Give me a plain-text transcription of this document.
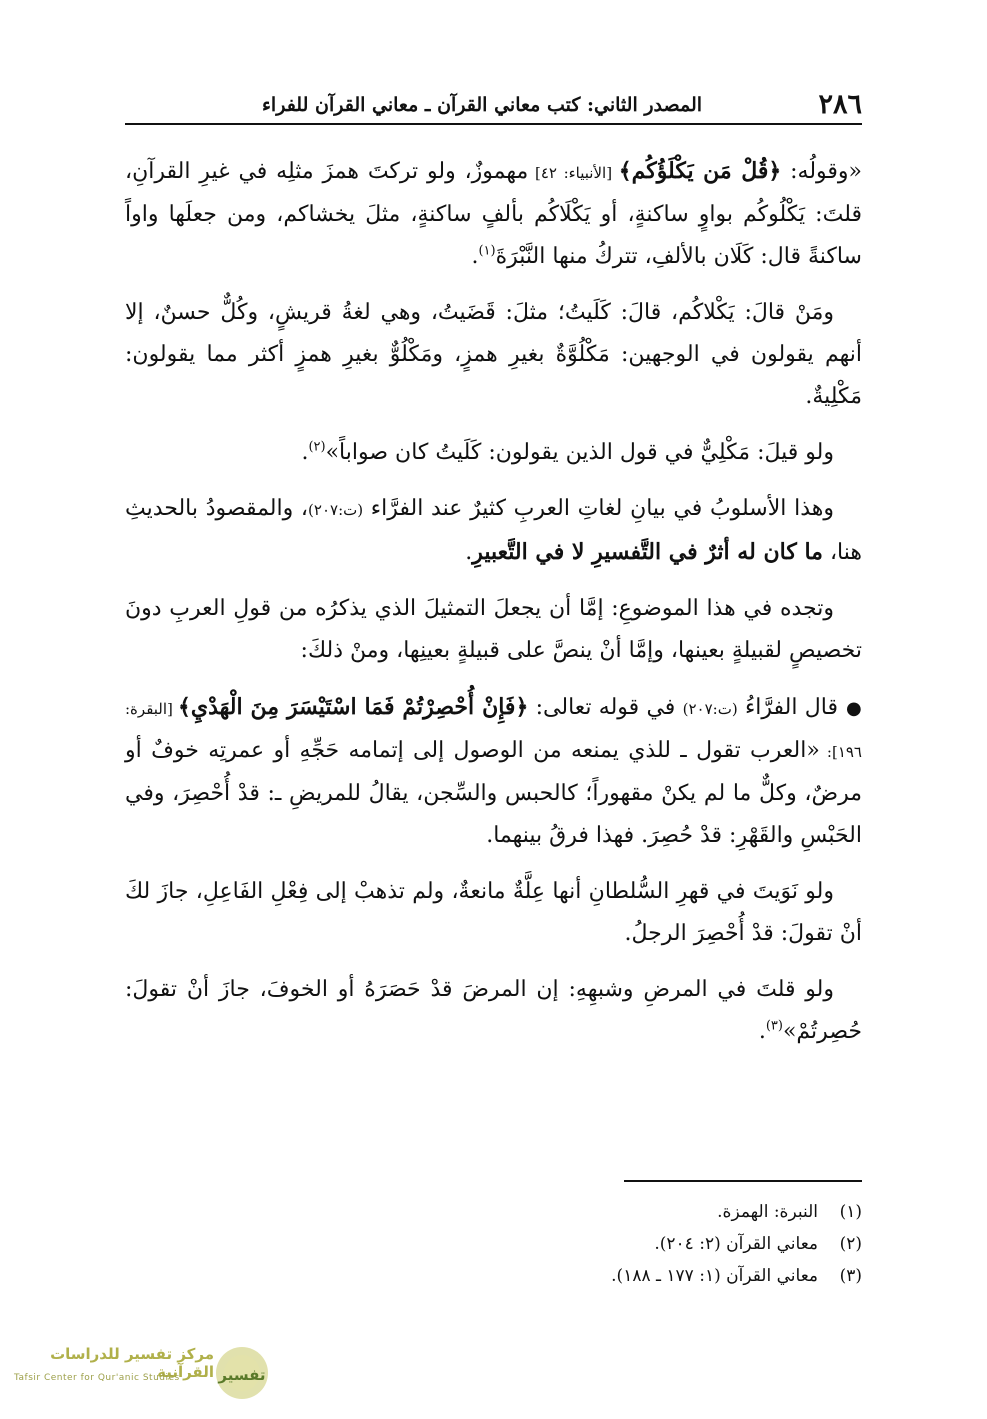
٢٨٦
المصدر الثاني: كتب معاني القرآن ـ معاني القرآن للفراء

«وقولُه: ﴿قُلْ مَن يَكْلَؤُكُم﴾ [الأنبياء: ٤٢] مهموزٌ، ولو تركتَ همزَ مثلِه في غيرِ القرآنِ، قلتَ: يَكْلُوكُم بواوٍ ساكنةٍ، أو يَكْلَاكُم بألفٍ ساكنةٍ، مثلَ يخشاكم، ومن جعلَها واواً ساكنةً قال: كَلَان بالألفِ، تتركُ منها النَّبْرَةَ$^{(١)}$.

ومَنْ قالَ: يَكْلاكُم، قالَ: كَلَيتُ؛ مثلَ: قَضَيتُ، وهي لغةُ قريشٍ، وكُلٌّ حسنٌ، إلا أنهم يقولون في الوجهين: مَكْلُوَّةٌ بغيرِ همزٍ، ومَكْلُوٌّ بغيرِ همزٍ أكثر مما يقولون: مَكْلِيةٌ.

ولو قيلَ: مَكْلِيٌّ في قول الذين يقولون: كَلَيتُ كان صواباً»$^{(٢)}$.

وهذا الأسلوبُ في بيانِ لغاتِ العربِ كثيرٌ عند الفرَّاء (ت:٢٠٧)، والمقصودُ بالحديثِ هنا، ما كان له أثرٌ في التَّفسيرِ لا في التَّعبيرِ.

وتجده في هذا الموضوعِ: إمَّا أن يجعلَ التمثيلَ الذي يذكرُه من قولِ العربِ دونَ تخصيصٍ لقبيلةٍ بعينها، وإمَّا أنْ ينصَّ على قبيلةٍ بعينِها، ومنْ ذلكَ:

●قال الفرَّاءُ (ت:٢٠٧) في قوله تعالى: ﴿فَإِنْ أُحْصِرْتُمْ فَمَا اسْتَيْسَرَ مِنَ الْهَدْيِ﴾ [البقرة: ١٩٦]: «العرب تقول ـ للذي يمنعه من الوصول إلى إتمامه حَجِّهِ أو عمرتِه خوفٌ أو مرضٌ، وكلٌّ ما لم يكنْ مقهوراً؛ كالحبس والسِّجن، يقالُ للمريضِ ـ: قدْ أُحْصِرَ، وفي الحَبْسِ والقَهْرِ: قدْ حُصِرَ. فهذا فرقُ بينهما.

ولو نَوَيتَ في قهرِ السُّلطانِ أنها عِلَّةٌ مانعةٌ، ولم تذهبْ إلى فِعْلِ الفَاعِلِ، جازَ لكَ أنْ تقولَ: قدْ أُحْصِرَ الرجلُ.

ولو قلتَ في المرضِ وشبهِهِ: إن المرضَ قدْ حَصَرَهُ أو الخوفَ، جازَ أنْ تقولَ: حُصِرتُمْ»$^{(٣)}$.

(١)
النبرة: الهمزة.
(٢)
معاني القرآن (٢: ٢٠٤).
(٣)
معاني القرآن (١: ١٧٧ ـ ١٨٨).
مركز تفسير للدراسات القرآنية
Tafsir Center for Qur'anic Studies	تفسير
